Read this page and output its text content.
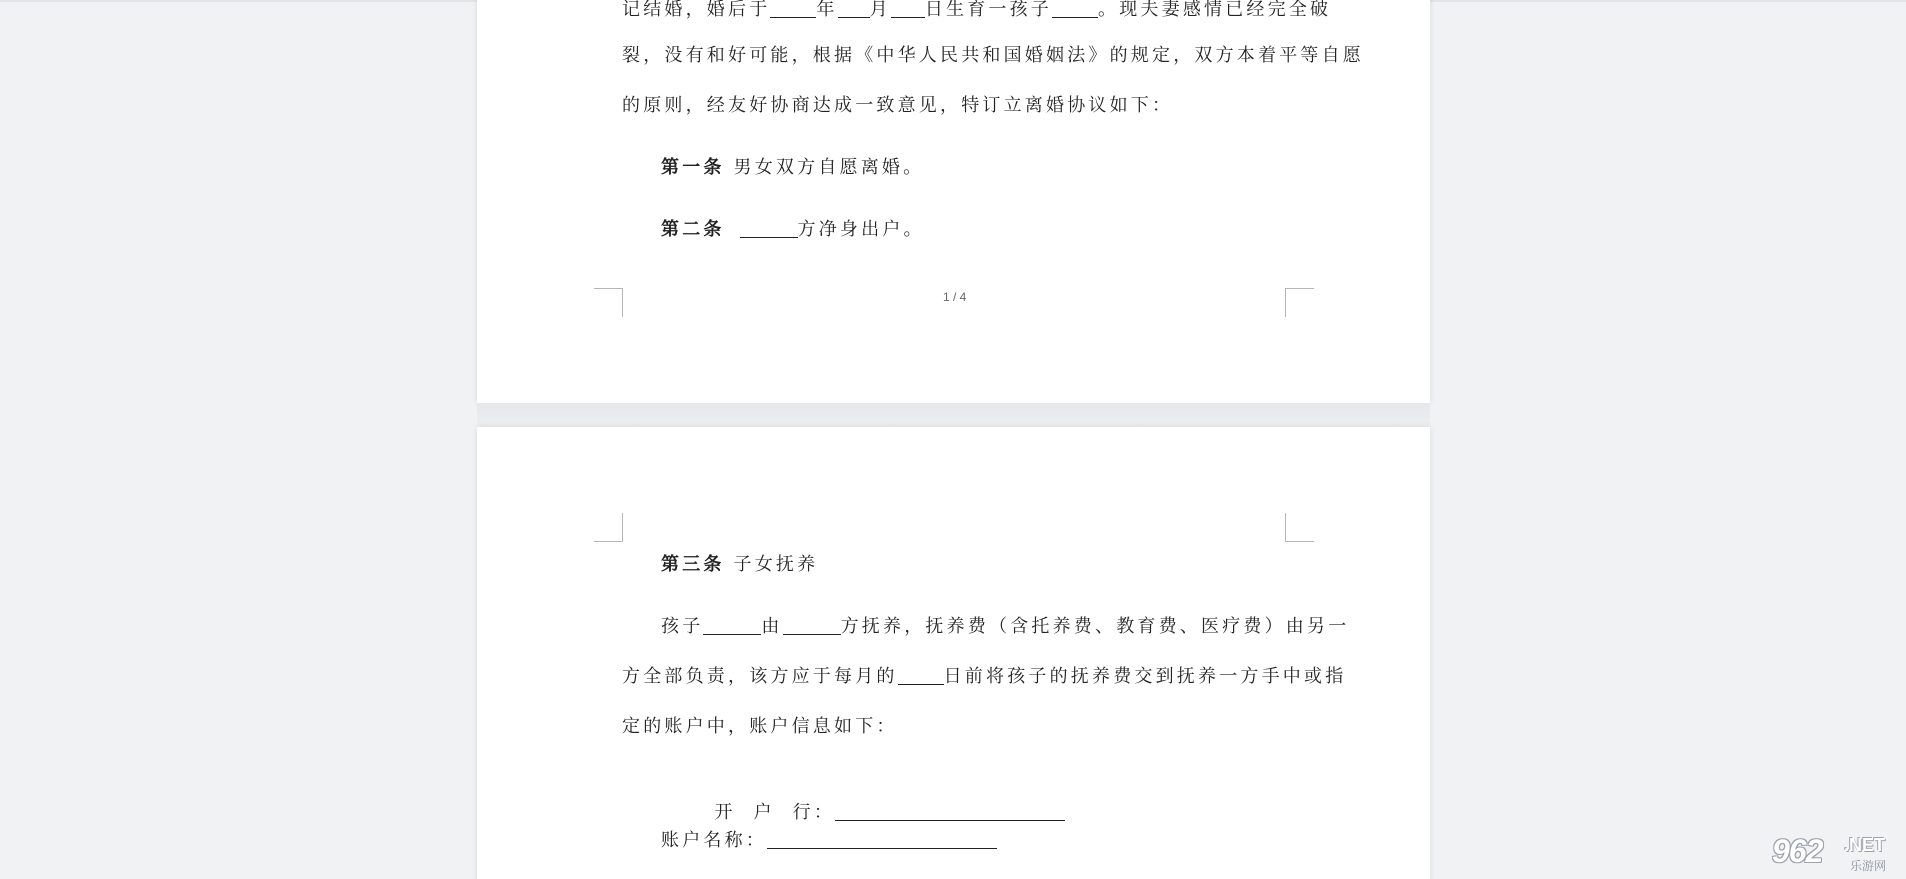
记结婚，婚后于	年 月 日生育一孩子	。现夫妻感情已经完全破
裂，没有和好可能，根据《中华人民共和国婚姻法》的规定，双方本着平等自愿
的原则，经友好协商达成一致意见，特订立离婚协议如下：
第一条 男女双方自愿离婚。
第二条	方净身出户。
1 / 4
第三条 子女抚养
孩子	由	方抚养，抚养费（含托养费、教育费、医疗费）由另一
方全部负责，该方应于每月的	日前将孩子的抚养费交到抚养一方手中或指
定的账户中，账户信息如下：

开  户  行：

账户名称：	962 .NET
乐游网
